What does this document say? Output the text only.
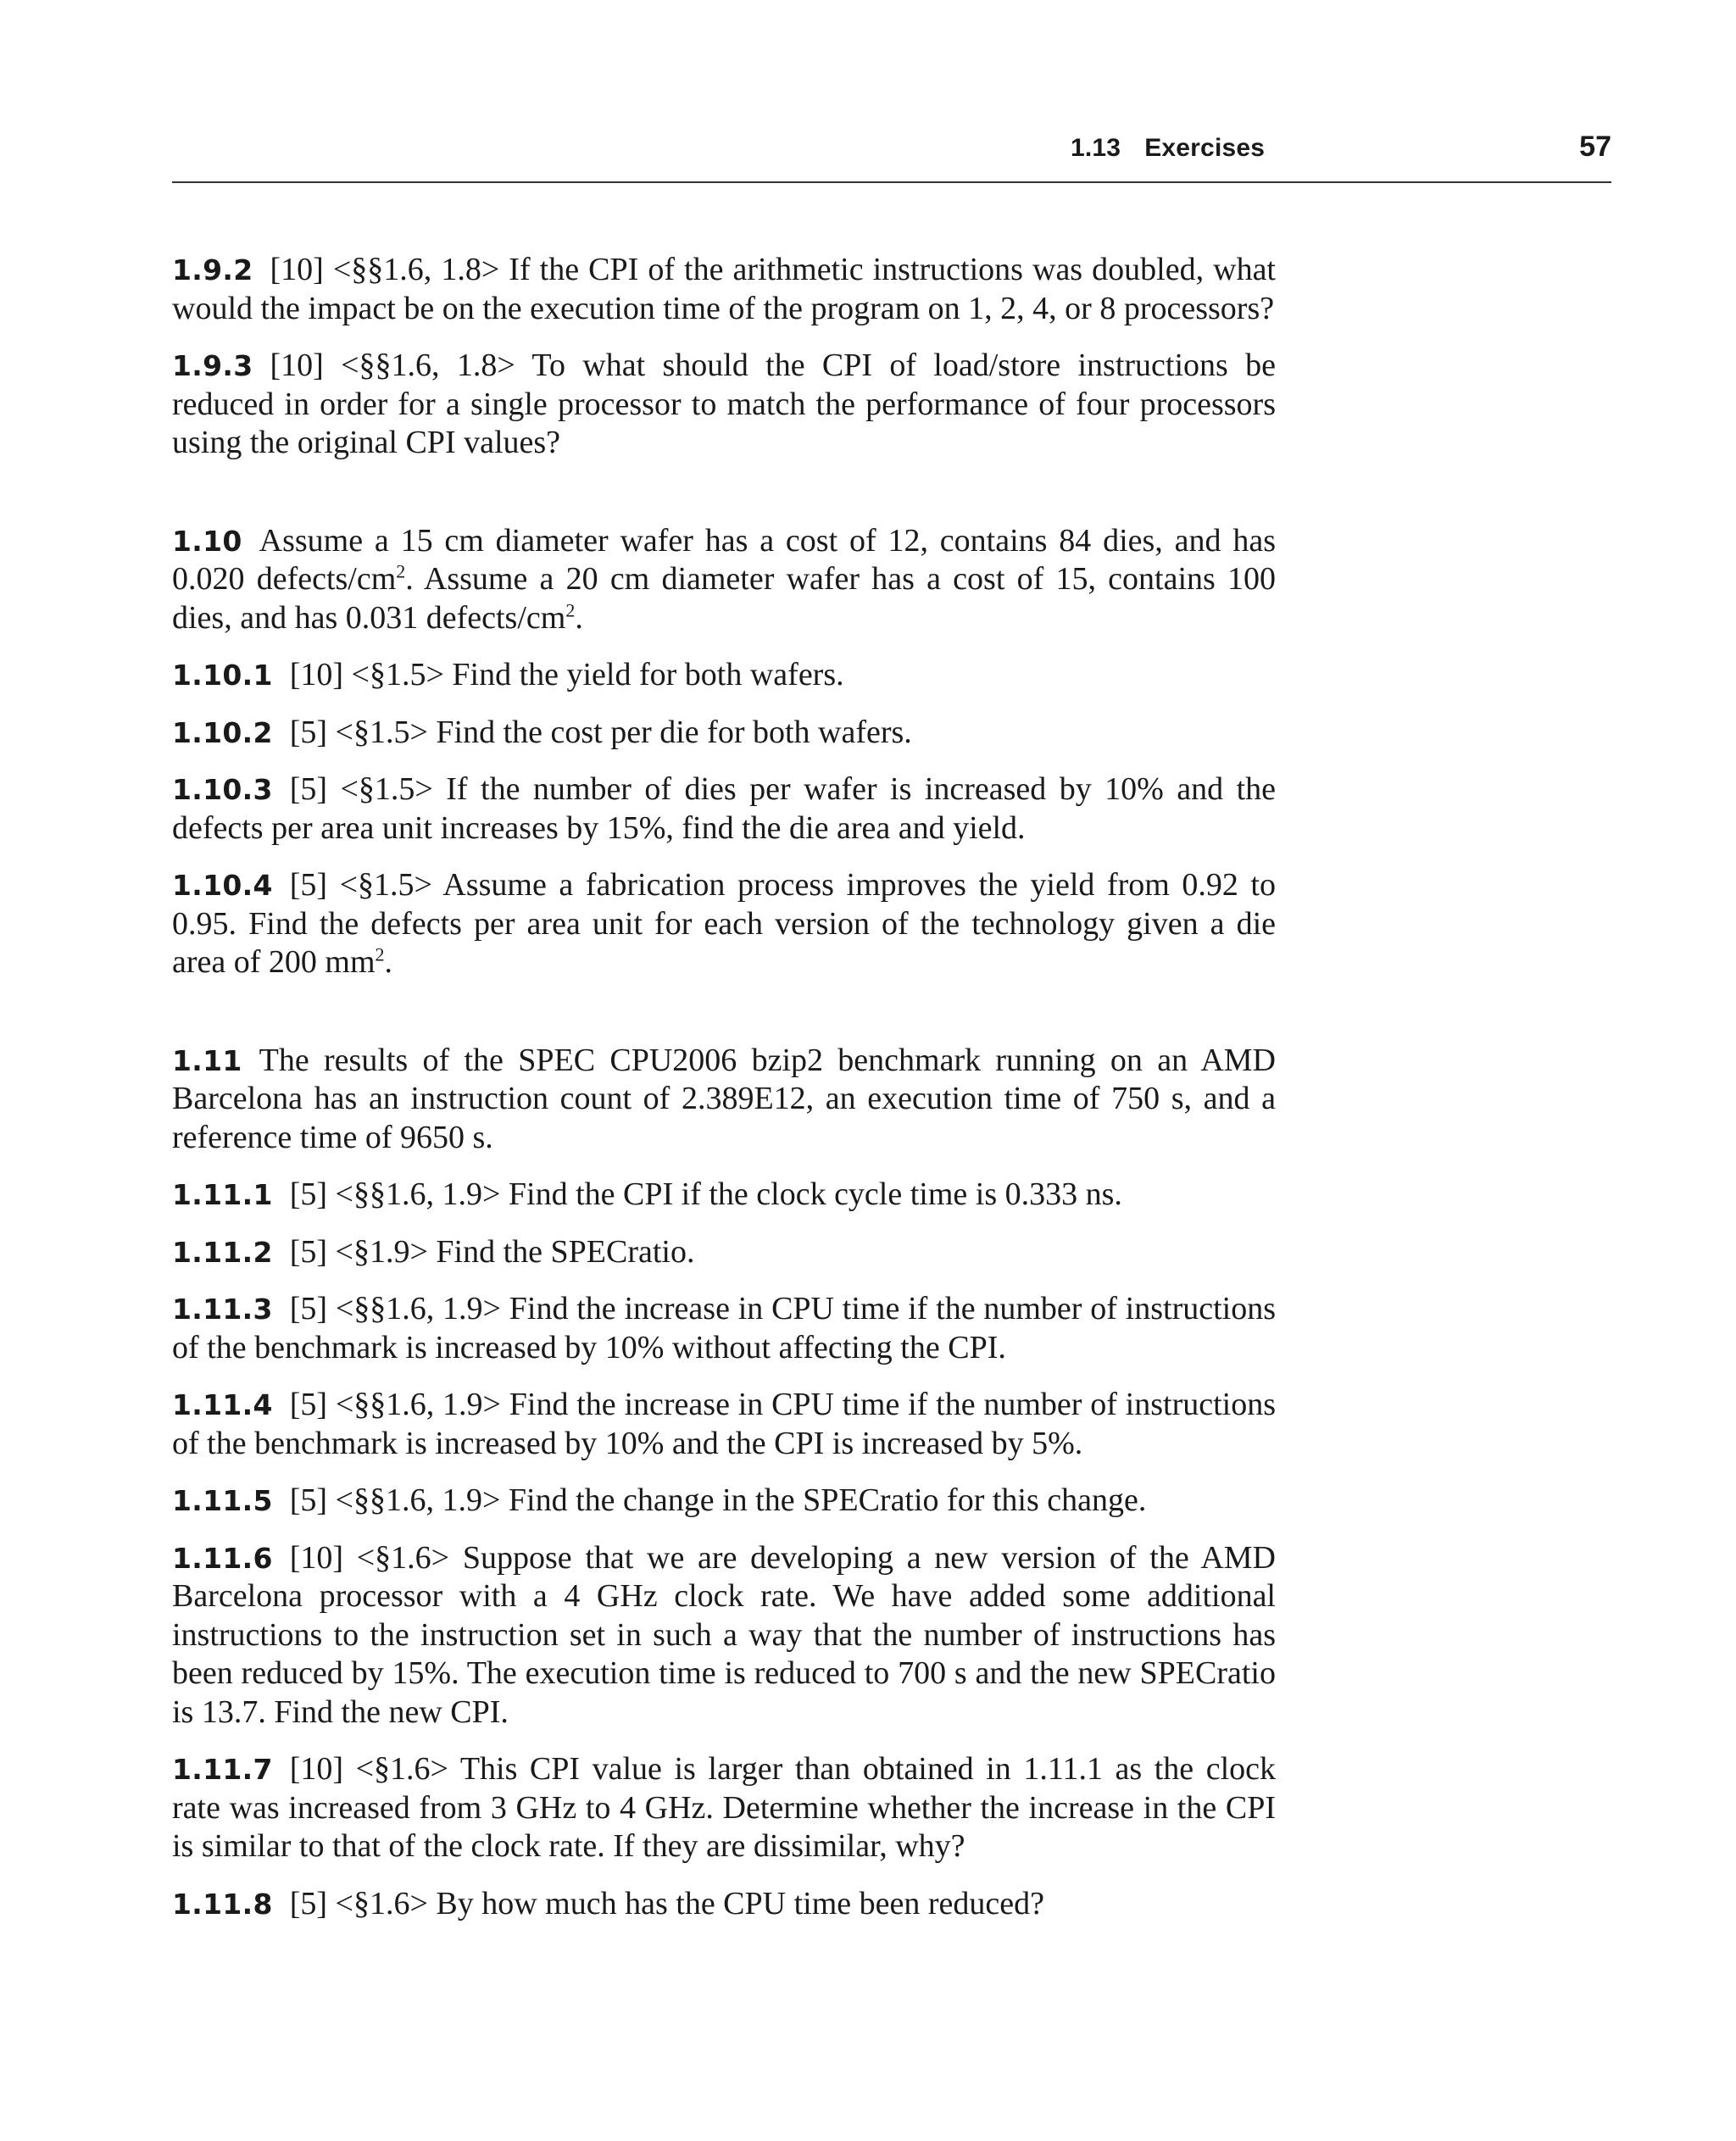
1.13 Exercises	57

1.9.2 [10] <§§1.6, 1.8> If the CPI of the arithmetic instructions was doubled, what would the impact be on the execution time of the program on 1, 2, 4, or 8 processors?

1.9.3 [10] <§§1.6, 1.8> To what should the CPI of load/store instructions be reduced in order for a single processor to match the performance of four processors using the original CPI values?

1.10 Assume a 15 cm diameter wafer has a cost of 12, contains 84 dies, and has 0.020 defects/$cm^2$. Assume a 20 cm diameter wafer has a cost of 15, contains 100 dies, and has 0.031 defects/$cm^2$.

1.10.1 [10] <§1.5> Find the yield for both wafers.

1.10.2 [5] <§1.5> Find the cost per die for both wafers.

1.10.3 [5] <§1.5> If the number of dies per wafer is increased by 10% and the defects per area unit increases by 15%, find the die area and yield.

1.10.4 [5] <§1.5> Assume a fabrication process improves the yield from 0.92 to 0.95. Find the defects per area unit for each version of the technology given a die area of 200 $mm^2$.

1.11 The results of the SPEC CPU2006 bzip2 benchmark running on an AMD Barcelona has an instruction count of 2.389E12, an execution time of 750 s, and a reference time of 9650 s.

1.11.1 [5] <§§1.6, 1.9> Find the CPI if the clock cycle time is 0.333 ns.

1.11.2 [5] <§1.9> Find the SPECratio.

1.11.3 [5] <§§1.6, 1.9> Find the increase in CPU time if the number of instructions of the benchmark is increased by 10% without affecting the CPI.

1.11.4 [5] <§§1.6, 1.9> Find the increase in CPU time if the number of instructions of the benchmark is increased by 10% and the CPI is increased by 5%.

1.11.5 [5] <§§1.6, 1.9> Find the change in the SPECratio for this change.

1.11.6 [10] <§1.6> Suppose that we are developing a new version of the AMD Barcelona processor with a 4 GHz clock rate. We have added some additional instructions to the instruction set in such a way that the number of instructions has been reduced by 15%. The execution time is reduced to 700 s and the new SPECratio is 13.7. Find the new CPI.

1.11.7 [10] <§1.6> This CPI value is larger than obtained in 1.11.1 as the clock rate was increased from 3 GHz to 4 GHz. Determine whether the increase in the CPI is similar to that of the clock rate. If they are dissimilar, why?

1.11.8 [5] <§1.6> By how much has the CPU time been reduced?
